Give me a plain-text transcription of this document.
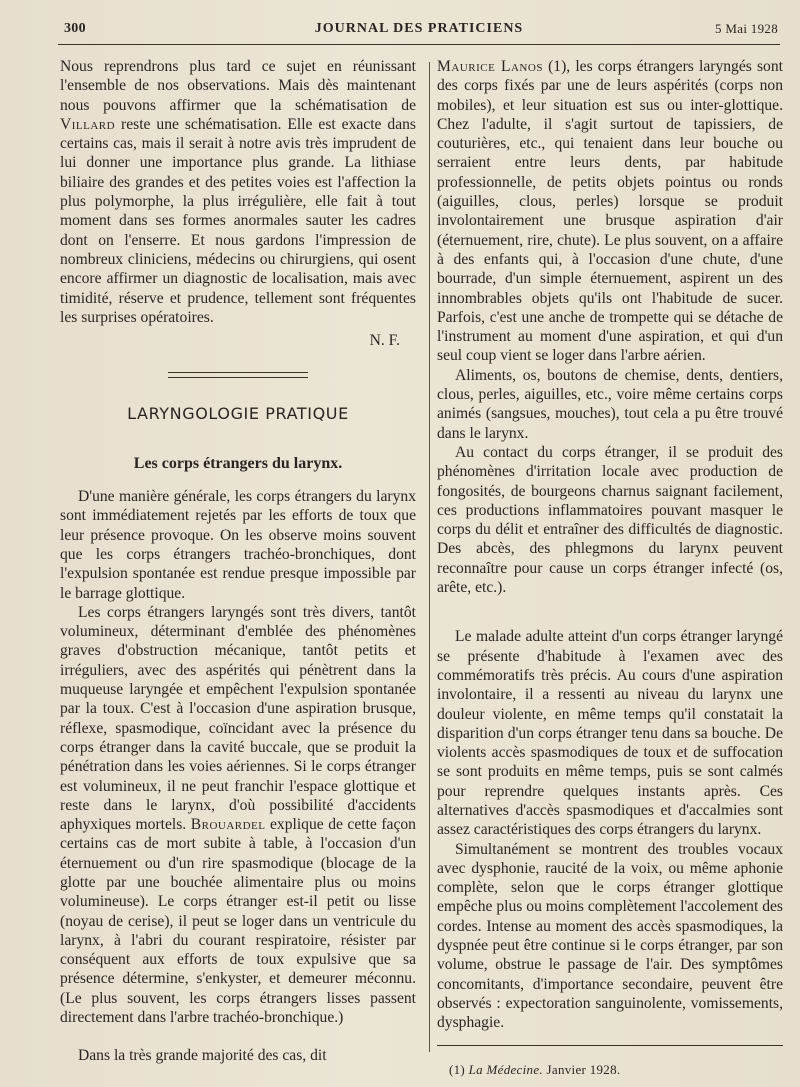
300	JOURNAL DES PRATICIENS	5 Mai 1928

Nous reprendrons plus tard ce sujet en réunissant l'ensemble de nos observations. Mais dès maintenant nous pouvons affirmer que la schématisation de Villard reste une schématisation. Elle est exacte dans certains cas, mais il serait à notre avis très imprudent de lui donner une importance plus grande. La lithiase biliaire des grandes et des petites voies est l'affection la plus polymorphe, la plus irrégulière, elle fait à tout moment dans ses formes anormales sauter les cadres dont on l'enserre. Et nous gardons l'impression de nombreux cliniciens, médecins ou chirurgiens, qui osent encore affirmer un diagnostic de localisation, mais avec timidité, réserve et prudence, tellement sont fréquentes les surprises opératoires.

N. F.
LARYNGOLOGIE PRATIQUE
Les corps étrangers du larynx.

D'une manière générale, les corps étrangers du larynx sont immédiatement rejetés par les efforts de toux que leur présence provoque. On les observe moins souvent que les corps étrangers trachéo-bronchiques, dont l'expulsion spontanée est rendue presque impossible par le barrage glottique.

Les corps étrangers laryngés sont très divers, tantôt volumineux, déterminant d'emblée des phénomènes graves d'obstruction mécanique, tantôt petits et irréguliers, avec des aspérités qui pénètrent dans la muqueuse laryngée et empêchent l'expulsion spontanée par la toux. C'est à l'occasion d'une aspiration brusque, réflexe, spasmodique, coïncidant avec la présence du corps étranger dans la cavité buccale, que se produit la pénétration dans les voies aériennes. Si le corps étranger est volumineux, il ne peut franchir l'espace glottique et reste dans le larynx, d'où possibilité d'accidents aphyxiques mortels. Brouardel explique de cette façon certains cas de mort subite à table, à l'occasion d'un éternuement ou d'un rire spasmodique (blocage de la glotte par une bouchée alimentaire plus ou moins volumineuse). Le corps étranger est-il petit ou lisse (noyau de cerise), il peut se loger dans un ventricule du larynx, à l'abri du courant respiratoire, résister par conséquent aux efforts de toux expulsive que sa présence détermine, s'enkyster, et demeurer méconnu. (Le plus souvent, les corps étrangers lisses passent directement dans l'arbre trachéo-bronchique.)

Dans la très grande majorité des cas, dit

Maurice Lanos (1), les corps étrangers laryngés sont des corps fixés par une de leurs aspérités (corps non mobiles), et leur situation est sus ou inter-glottique. Chez l'adulte, il s'agit surtout de tapissiers, de couturières, etc., qui tenaient dans leur bouche ou serraient entre leurs dents, par habitude professionnelle, de petits objets pointus ou ronds (aiguilles, clous, perles) lorsque se produit involontairement une brusque aspiration d'air (éternuement, rire, chute). Le plus souvent, on a affaire à des enfants qui, à l'occasion d'une chute, d'une bourrade, d'un simple éternuement, aspirent un des innombrables objets qu'ils ont l'habitude de sucer. Parfois, c'est une anche de trompette qui se détache de l'instrument au moment d'une aspiration, et qui d'un seul coup vient se loger dans l'arbre aérien.

Aliments, os, boutons de chemise, dents, dentiers, clous, perles, aiguilles, etc., voire même certains corps animés (sangsues, mouches), tout cela a pu être trouvé dans le larynx.

Au contact du corps étranger, il se produit des phénomènes d'irritation locale avec production de fongosités, de bourgeons charnus saignant facilement, ces productions inflammatoires pouvant masquer le corps du délit et entraîner des difficultés de diagnostic. Des abcès, des phlegmons du larynx peuvent reconnaître pour cause un corps étranger infecté (os, arête, etc.).

Le malade adulte atteint d'un corps étranger laryngé se présente d'habitude à l'examen avec des commémoratifs très précis. Au cours d'une aspiration involontaire, il a ressenti au niveau du larynx une douleur violente, en même temps qu'il constatait la disparition d'un corps étranger tenu dans sa bouche. De violents accès spasmodiques de toux et de suffocation se sont produits en même temps, puis se sont calmés pour reprendre quelques instants après. Ces alternatives d'accès spasmodiques et d'accalmies sont assez caractéristiques des corps étrangers du larynx.

Simultanément se montrent des troubles vocaux avec dysphonie, raucité de la voix, ou même aphonie complète, selon que le corps étranger glottique empêche plus ou moins complètement l'accolement des cordes. Intense au moment des accès spasmodiques, la dyspnée peut être continue si le corps étranger, par son volume, obstrue le passage de l'air. Des symptômes concomitants, d'importance secondaire, peuvent être observés : expectoration sanguinolente, vomissements, dysphagie.

(1) La Médecine. Janvier 1928.
